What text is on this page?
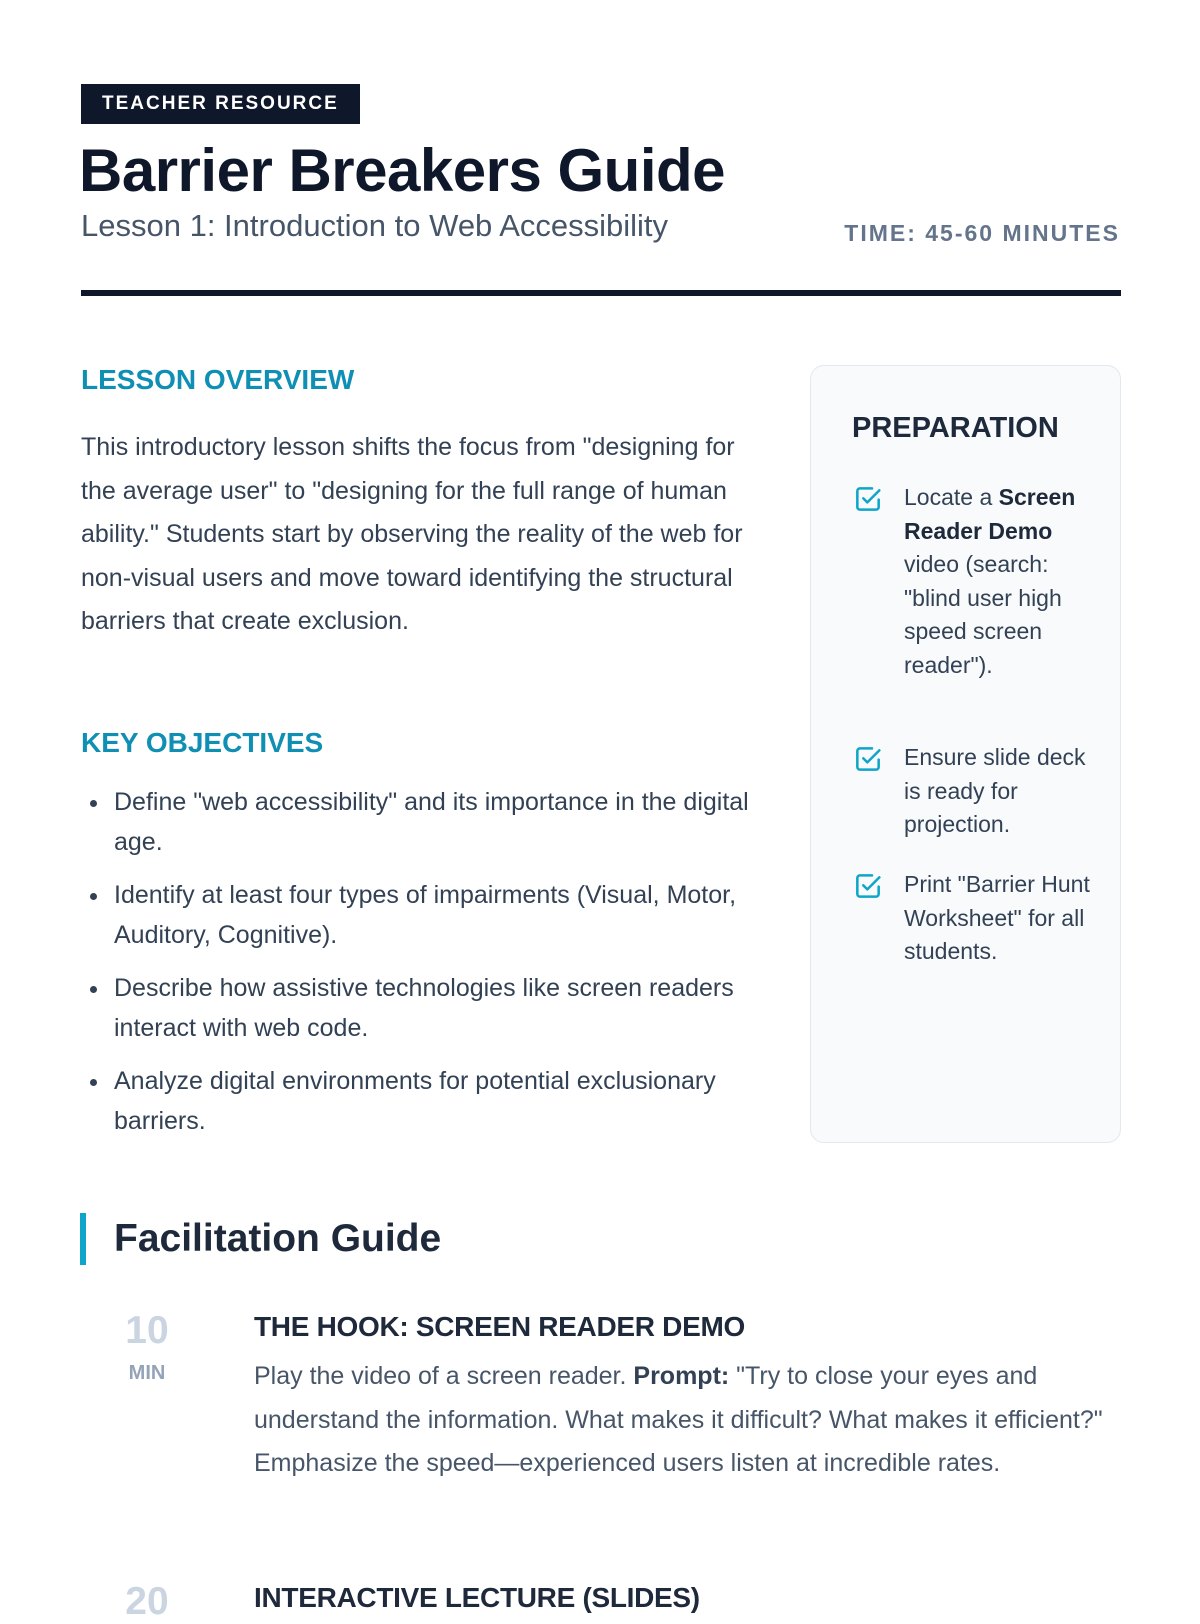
TEACHER RESOURCE
Barrier Breakers Guide
Lesson 1: Introduction to Web Accessibility	TIME: 45-60 MINUTES
LESSON OVERVIEW

This introductory lesson shifts the focus from "designing for the average user" to "designing for the full range of human ability." Students start by observing the reality of the web for non-visual users and move toward identifying the structural barriers that create exclusion.

KEY OBJECTIVES
Define "web accessibility" and its importance in the digital age.
Identify at least four types of impairments (Visual, Motor, Auditory, Cognitive).
Describe how assistive technologies like screen readers interact with web code.
Analyze digital environments for potential exclusionary barriers.
PREPARATION

Locate a Screen Reader Demo video (search: "blind user high speed screen reader").

Ensure slide deck is ready for projection.

Print "Barrier Hunt Worksheet" for all students.

Facilitation Guide
10
MIN
THE HOOK: SCREEN READER DEMO

Play the video of a screen reader. Prompt: "Try to close your eyes and understand the information. What makes it difficult? What makes it efficient?" Emphasize the speed—experienced users listen at incredible rates.

20	INTERACTIVE LECTURE (SLIDES)
